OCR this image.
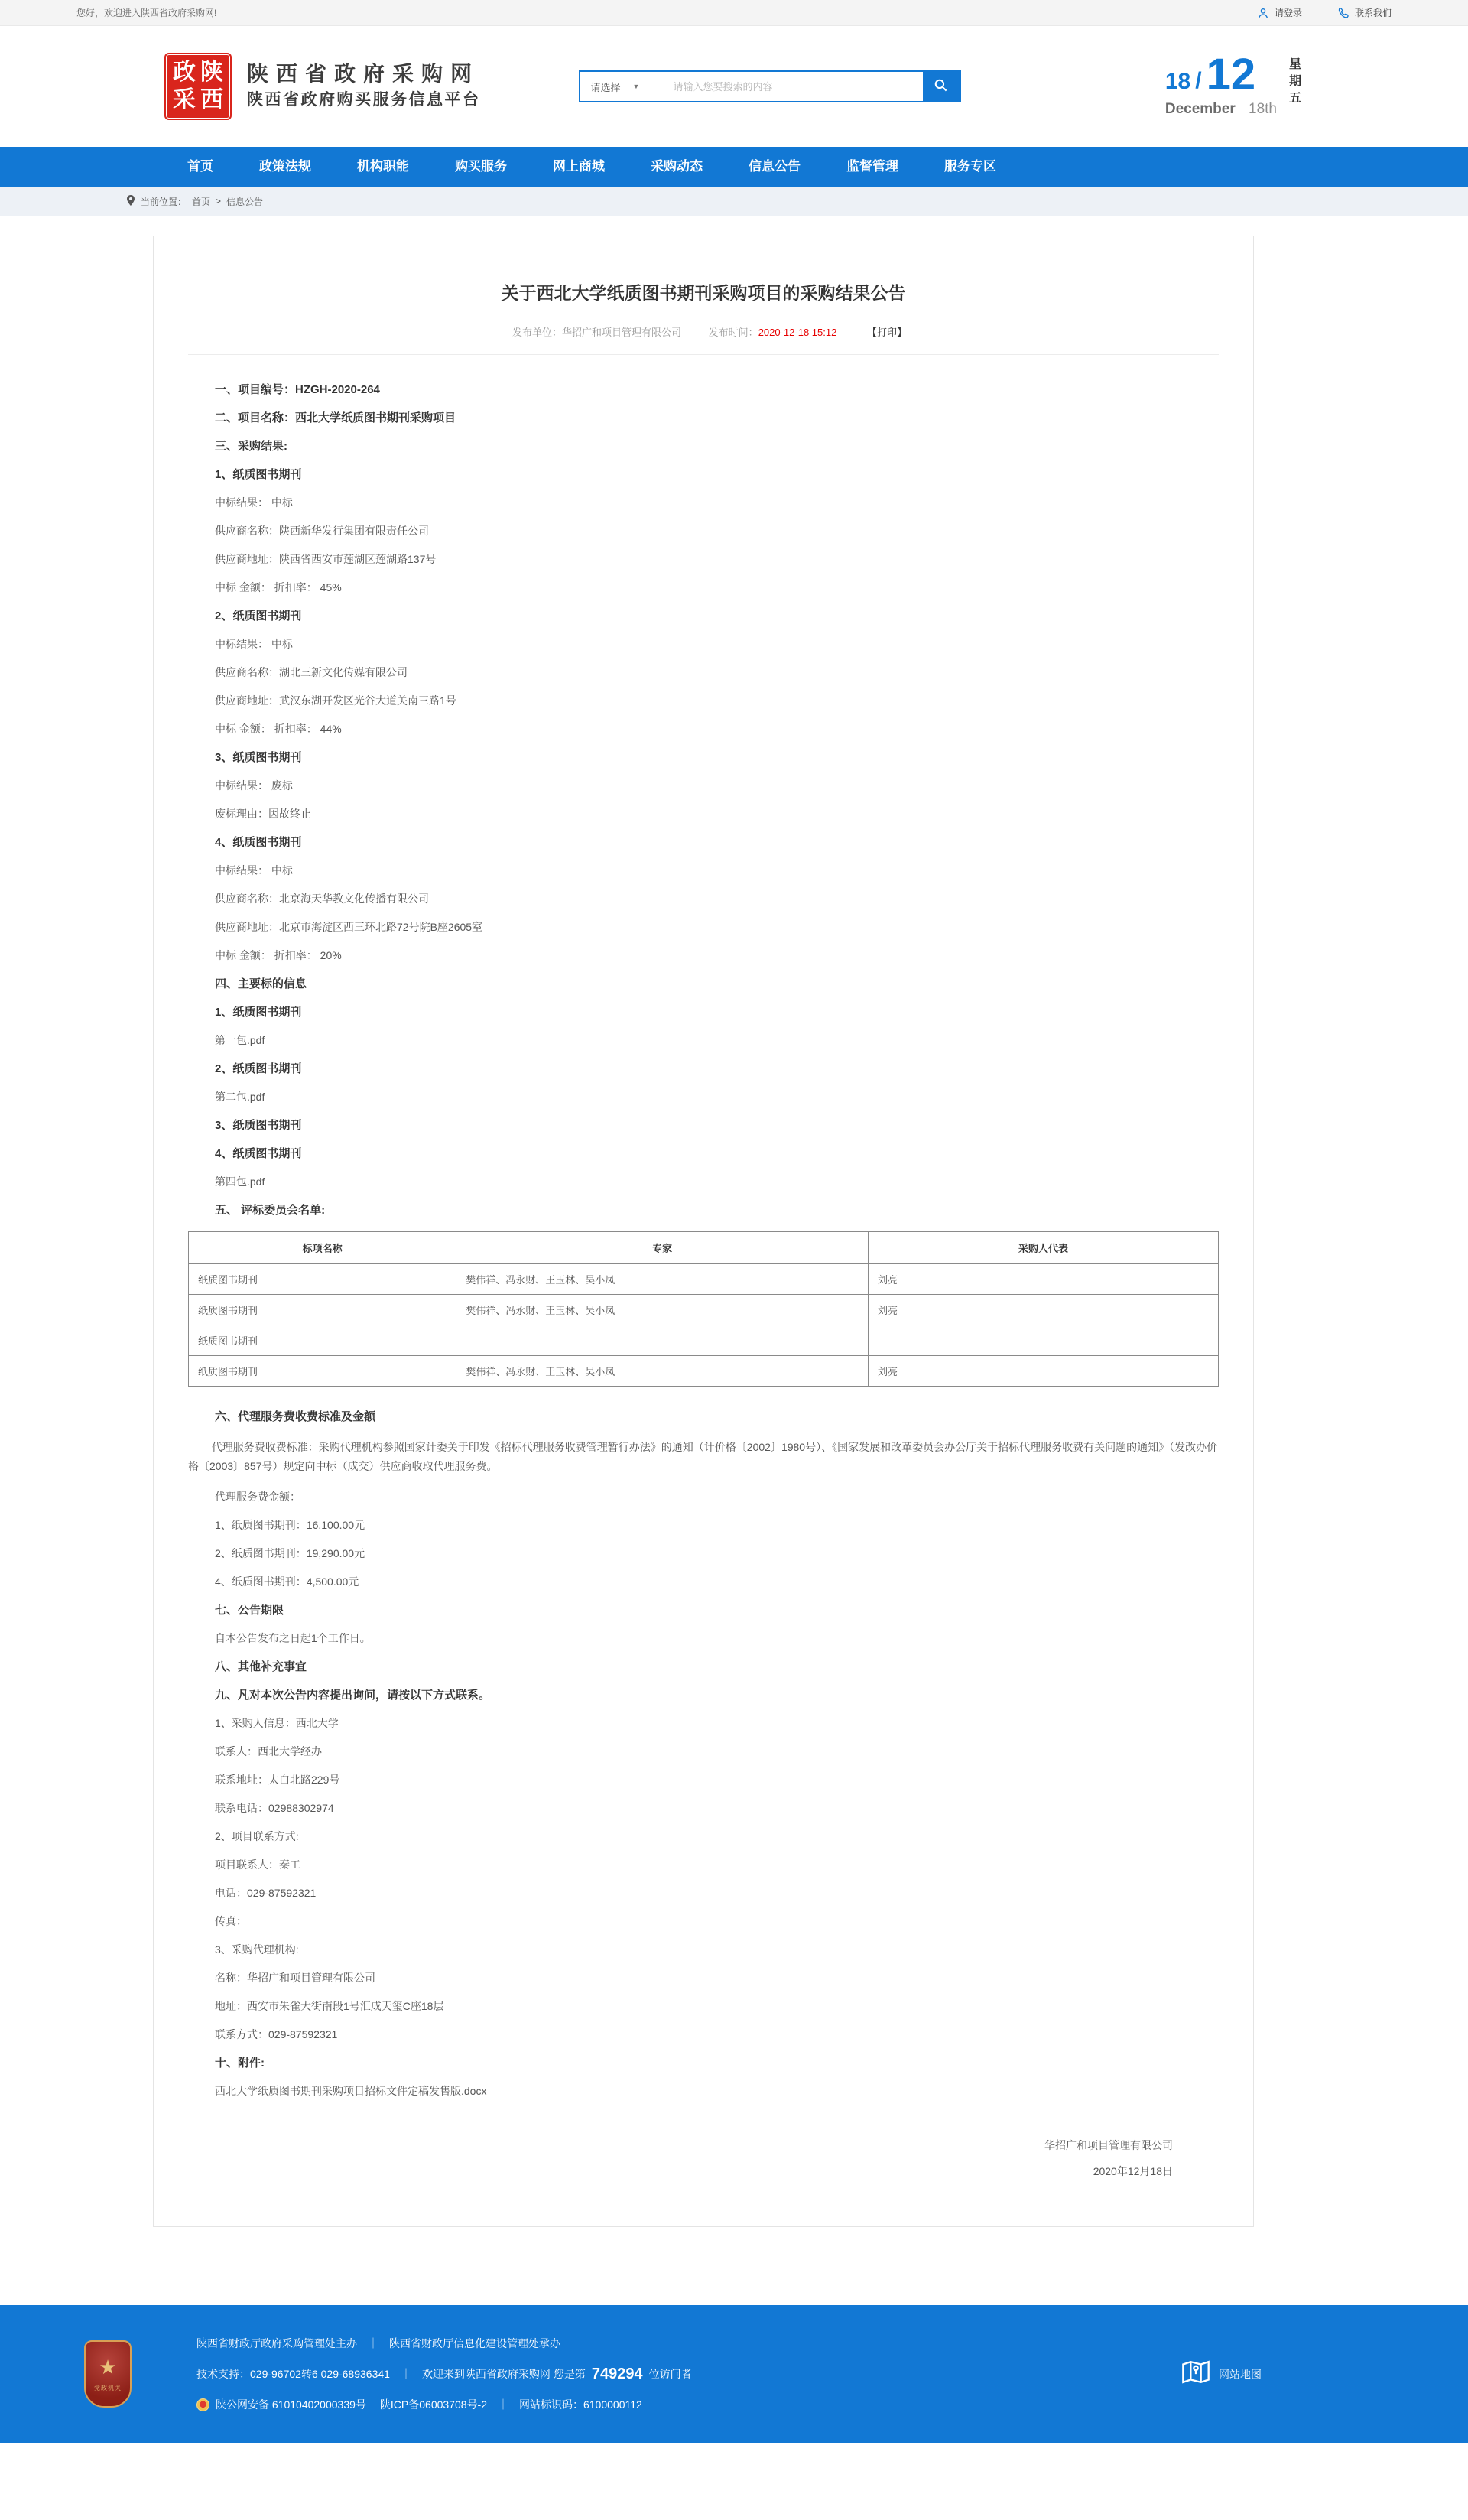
您好，欢迎进入陕西省政府采购网!	请登录	联系我们
政 陕
采 西
陕西省政府采购网
陕西省政府购买服务信息平台
请选择 ▼
请输入您要搜索的内容	18 / 12
December 18th
星期五
首页	政策法规	机构职能	购买服务	网上商城	采购动态	信息公告	监督管理	服务专区
当前位置： 首页 > 信息公告
关于西北大学纸质图书期刊采购项目的采购结果公告
发布单位：华招广和项目管理有限公司	发布时间：2020-12-18 15:12	【打印】

一、项目编号：HZGH-2020-264

二、项目名称：西北大学纸质图书期刊采购项目

三、采购结果:

1、纸质图书期刊

中标结果： 中标

供应商名称：陕西新华发行集团有限责任公司

供应商地址：陕西省西安市莲湖区莲湖路137号

中标 金额： 折扣率： 45%

2、纸质图书期刊

中标结果： 中标

供应商名称：湖北三新文化传媒有限公司

供应商地址：武汉东湖开发区光谷大道关南三路1号

中标 金额： 折扣率： 44%

3、纸质图书期刊

中标结果： 废标

废标理由：因故终止

4、纸质图书期刊

中标结果： 中标

供应商名称：北京海天华教文化传播有限公司

供应商地址：北京市海淀区西三环北路72号院B座2605室

中标 金额： 折扣率： 20%

四、主要标的信息

1、纸质图书期刊

第一包.pdf

2、纸质图书期刊

第二包.pdf

3、纸质图书期刊

4、纸质图书期刊

第四包.pdf

五、 评标委员会名单:

标项名称	专家	采购人代表
纸质图书期刊	樊伟祥、冯永财、王玉林、吴小凤	刘亮
纸质图书期刊	樊伟祥、冯永财、王玉林、吴小凤	刘亮
纸质图书期刊		
纸质图书期刊	樊伟祥、冯永财、王玉林、吴小凤	刘亮

六、代理服务费收费标准及金额

代理服务费收费标准：采购代理机构参照国家计委关于印发《招标代理服务收费管理暂行办法》的通知（计价格〔2002〕1980号）、《国家发展和改革委员会办公厅关于招标代理服务收费有关问题的通知》（发改办价格〔2003〕857号）规定向中标（成交）供应商收取代理服务费。

代理服务费金额：

1、纸质图书期刊：16,100.00元

2、纸质图书期刊：19,290.00元

4、纸质图书期刊：4,500.00元

七、公告期限

自本公告发布之日起1个工作日。

八、其他补充事宜

九、凡对本次公告内容提出询问，请按以下方式联系。

1、采购人信息：西北大学

联系人：西北大学经办

联系地址：太白北路229号

联系电话：02988302974

2、项目联系方式:

项目联系人：秦工

电话：029-87592321

传真：

3、采购代理机构:

名称：华招广和项目管理有限公司

地址：西安市朱雀大街南段1号汇成天玺C座18层

联系方式：029-87592321

十、附件:

西北大学纸质图书期刊采购项目招标文件定稿发售版.docx

华招广和项目管理有限公司
2020年12月18日
★
党政机关
陕西省财政厅政府采购管理处主办 ｜ 陕西省财政厅信息化建设管理处承办
技术支持：029-96702转6 029-68936341 ｜ 欢迎来到陕西省政府采购网 您是第 749294 位访问者
陕公网安备 61010402000339号 陕ICP备06003708号-2 ｜ 网站标识码：6100000112
网站地图
